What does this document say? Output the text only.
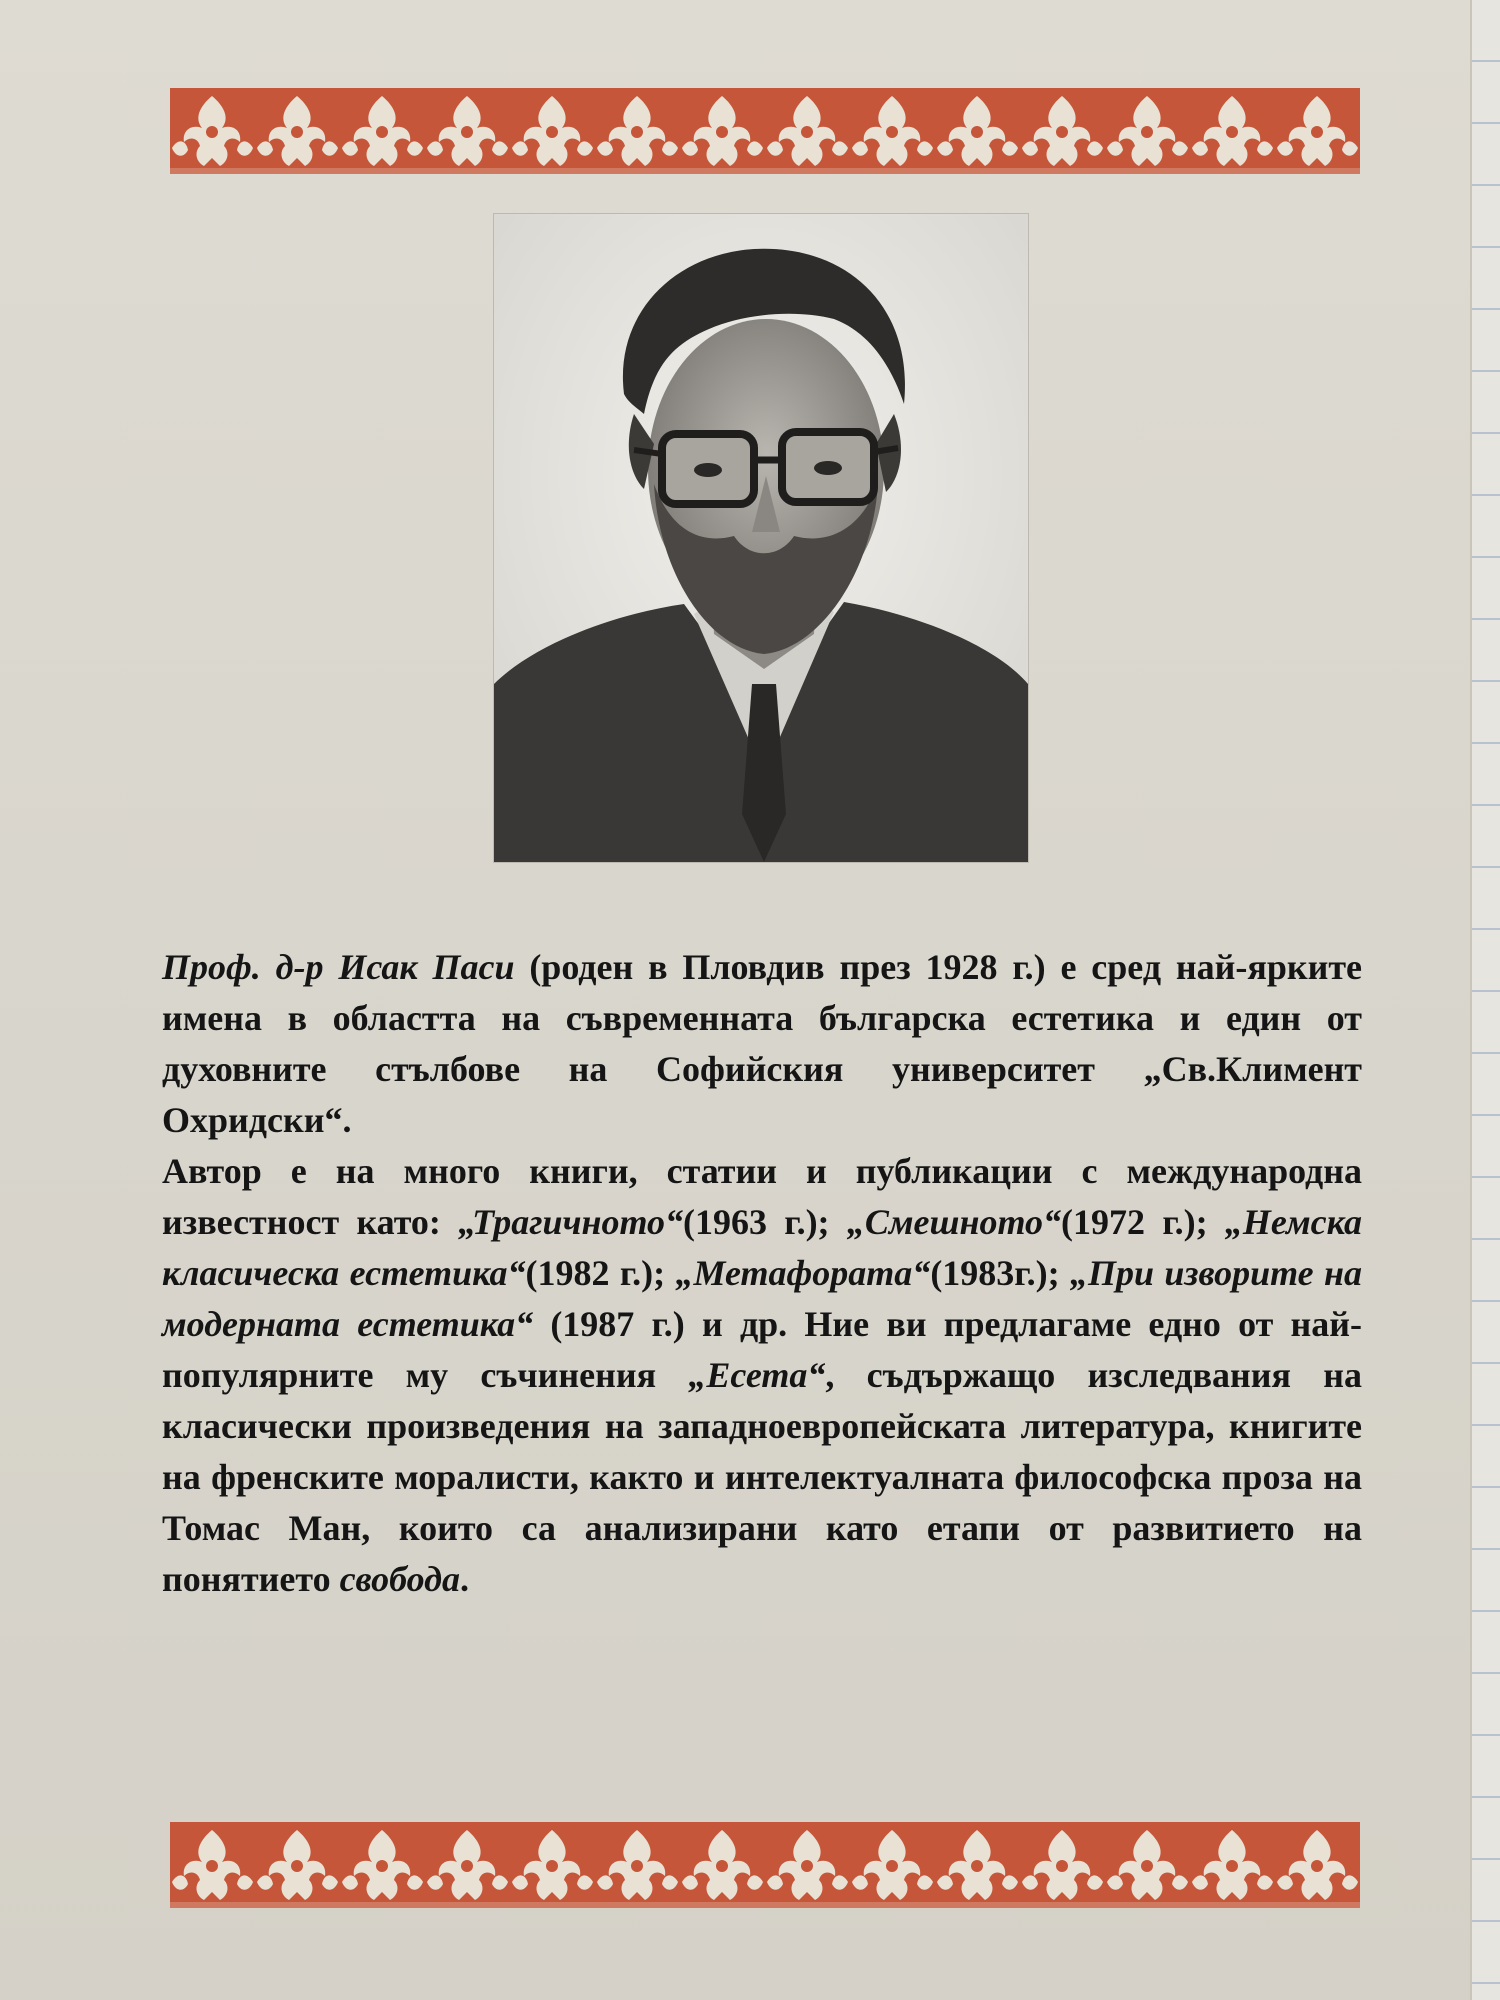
Проф. д-р Исак Паси (роден в Пловдив през 1928 г.) е сред най-ярките имена в областта на съвременната българска естетика и един от духовните стълбове на Софийския университет „Св.Климент Охридски“.

Автор е на много книги, статии и публикации с международна известност като: „Трагичното“(1963 г.); „Смешното“(1972 г.); „Немска класическа естетика“(1982 г.); „Метафората“(1983г.); „При изворите на модерната естетика“ (1987 г.) и др. Ние ви предлагаме едно от най-популярните му съчинения „Есета“, съдържащо изследвания на класически произведения на западноевропейската литература, книгите на френските моралисти, както и интелектуалната философска проза на Томас Ман, които са анализирани като етапи от развитието на понятието свобода.
